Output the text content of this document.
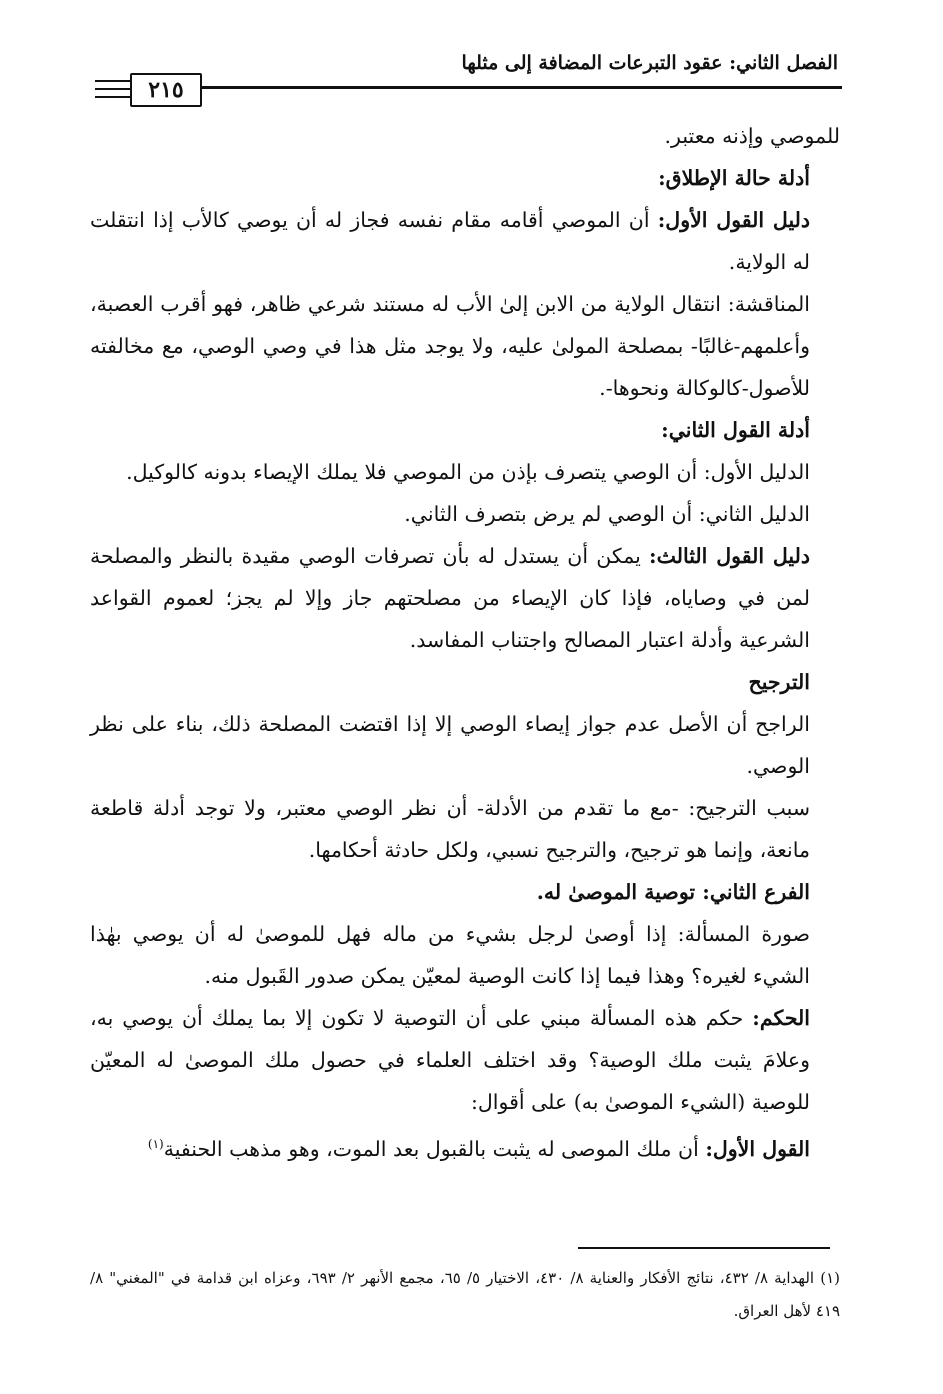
الفصل الثاني: عقود التبرعات المضافة إلى مثلها
٢١٥

للموصي وإذنه معتبر.

أدلة حالة الإطلاق:

دليل القول الأول: أن الموصي أقامه مقام نفسه فجاز له أن يوصي كالأب إذا انتقلت له الولاية.

المناقشة: انتقال الولاية من الابن إلىٰ الأب له مستند شرعي ظاهر، فهو أقرب العصبة، وأعلمهم-غالبًا- بمصلحة المولىٰ عليه، ولا يوجد مثل هذا في وصي الوصي، مع مخالفته للأصول-كالوكالة ونحوها-.

أدلة القول الثاني:

الدليل الأول: أن الوصي يتصرف بإذن من الموصي فلا يملك الإيصاء بدونه كالوكيل.

الدليل الثاني: أن الوصي لم يرض بتصرف الثاني.

دليل القول الثالث: يمكن أن يستدل له بأن تصرفات الوصي مقيدة بالنظر والمصلحة لمن في وصاياه، فإذا كان الإيصاء من مصلحتهم جاز وإلا لم يجز؛ لعموم القواعد الشرعية وأدلة اعتبار المصالح واجتناب المفاسد.

الترجيح

الراجح أن الأصل عدم جواز إيصاء الوصي إلا إذا اقتضت المصلحة ذلك، بناء على نظر الوصي.

سبب الترجيح: -مع ما تقدم من الأدلة- أن نظر الوصي معتبر، ولا توجد أدلة قاطعة مانعة، وإنما هو ترجيح، والترجيح نسبي، ولكل حادثة أحكامها.

الفرع الثاني: توصية الموصىٰ له.

صورة المسألة: إذا أوصىٰ لرجل بشيء من ماله فهل للموصىٰ له أن يوصي بهٰذا الشيء لغيره؟ وهذا فيما إذا كانت الوصية لمعيّن يمكن صدور القَبول منه.

الحكم: حكم هذه المسألة مبني على أن التوصية لا تكون إلا بما يملك أن يوصي به، وعلامَ يثبت ملك الوصية؟ وقد اختلف العلماء في حصول ملك الموصىٰ له المعيّن للوصية (الشيء الموصىٰ به) على أقوال:

القول الأول: أن ملك الموصى له يثبت بالقبول بعد الموت، وهو مذهب الحنفية$^{(١)}$

(١) الهداية ٨/ ٤٣٢، نتائج الأفكار والعناية ٨/ ٤٣٠، الاختيار ٥/ ٦٥، مجمع الأنهر ٢/ ٦٩٣، وعزاه ابن قدامة في "المغني" ٨/ ٤١٩ لأهل العراق.
